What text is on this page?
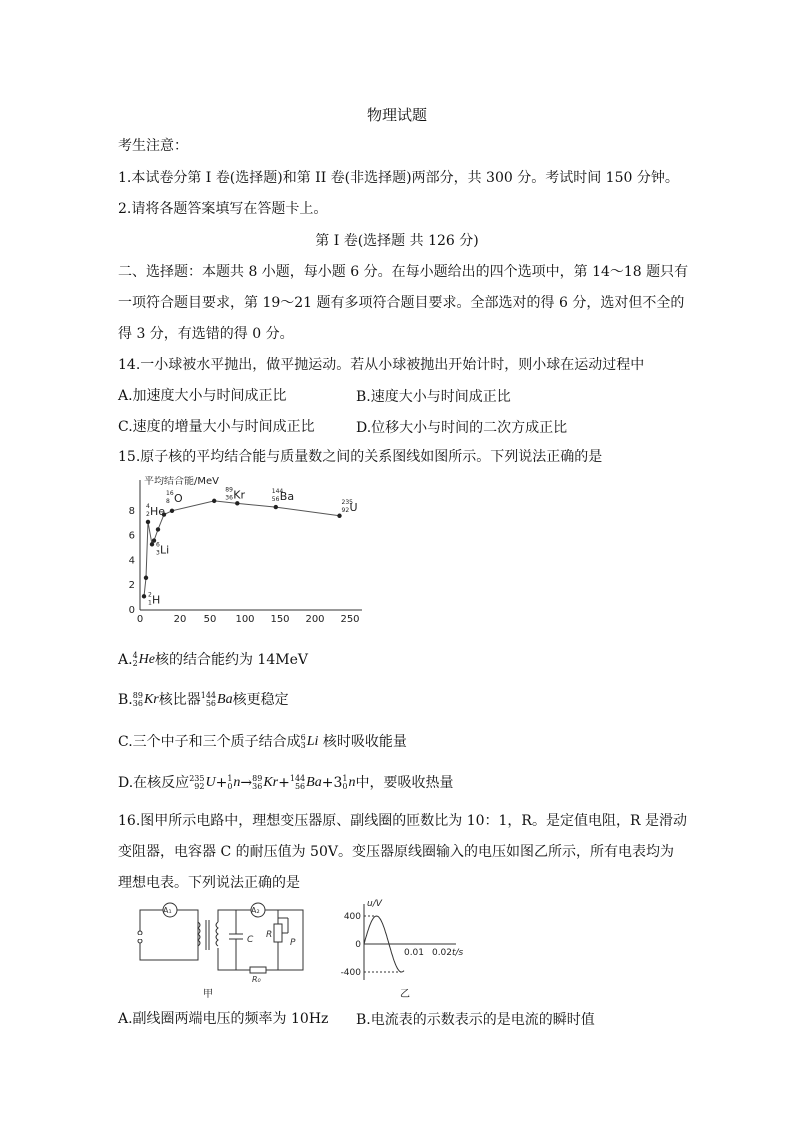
物理试题
考生注意：
1.本试卷分第 I 卷(选择题)和第 II 卷(非选择题)两部分，共 300 分。考试时间 150 分钟。
2.请将各题答案填写在答题卡上。
第 I 卷(选择题 共 126 分)
二、选择题：本题共 8 小题，每小题 6 分。在每小题给出的四个选项中，第 14～18 题只有
一项符合题目要求，第 19～21 题有多项符合题目要求。全部选对的得 6 分，选对但不全的
得 3 分，有选错的得 0 分。
14.一小球被水平抛出，做平抛运动。若从小球被抛出开始计时，则小球在运动过程中
A.加速度大小与时间成正比	B.速度大小与时间成正比
C.速度的增量大小与时间成正比	D.位移大小与时间的二次方成正比
15.原子核的平均结合能与质量数之间的关系图线如图所示。下列说法正确的是
0	20 50 100 150 200 250
0
2
4
6
8
平均结合能/MeV
2
1 H
6
3 Li
4
2 He
16
8 O
89
36 Kr	144
56 Ba	235
92 U
A. 4
2 He 核的结合能约为 14MeV
B. 89
36 Kr 核比器 144
56 Ba 核更稳定
C.三个中子和三个质子结合成 6
3 Li 核时吸收能量
D.在核反应 235
92 U + 1
0 n → 89
36 Kr + 144
56 Ba +3 1
0 n 中，要吸收热量
16.图甲所示电路中，理想变压器原、副线圈的匝数比为 10：1，R。是定值电阻，R 是滑动
变阻器，电容器 C 的耐压值为 50V。变压器原线圈输入的电压如图乙所示，所有电表均为
理想电表。下列说法正确的是
A₁	A₂
C R
P
R₀
甲
400
0
-400
0.01 0.02
u/V
t/s
乙
A.副线圈两端电压的频率为 10Hz B.电流表的示数表示的是电流的瞬时值
